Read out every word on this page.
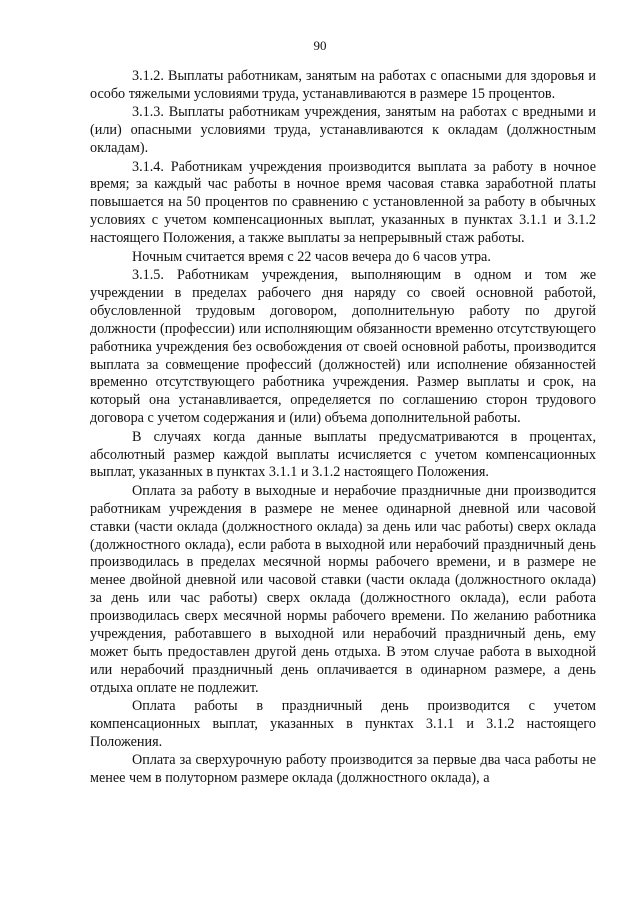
90

3.1.2. Выплаты работникам, занятым на работах с опасными для здоровья и особо тяжелыми условиями труда, устанавливаются в размере 15 процентов.

3.1.3. Выплаты работникам учреждения, занятым на работах с вредными и (или) опасными условиями труда, устанавливаются к окладам (должностным окладам).

3.1.4. Работникам учреждения производится выплата за работу в ночное время; за каждый час работы в ночное время часовая ставка заработной платы повышается на 50 процентов по сравнению с установленной за работу в обычных условиях с учетом компенсационных выплат, указанных в пунктах 3.1.1 и 3.1.2 настоящего Положения, а также выплаты за непрерывный стаж работы.

Ночным считается время с 22 часов вечера до 6 часов утра.

3.1.5. Работникам учреждения, выполняющим в одном и том же учреждении в пределах рабочего дня наряду со своей основной работой, обусловленной трудовым договором, дополнительную работу по другой должности (профессии) или исполняющим обязанности временно отсутствующего работника учреждения без освобождения от своей основной работы, производится выплата за совмещение профессий (должностей) или исполнение обязанностей временно отсутствующего работника учреждения. Размер выплаты и срок, на который она устанавливается, определяется по соглашению сторон трудового договора с учетом содержания и (или) объема дополнительной работы.

В случаях когда данные выплаты предусматриваются в процентах, абсолютный размер каждой выплаты исчисляется с учетом компенсационных выплат, указанных в пунктах 3.1.1 и 3.1.2 настоящего Положения.

Оплата за работу в выходные и нерабочие праздничные дни производится работникам учреждения в размере не менее одинарной дневной или часовой ставки (части оклада (должностного оклада) за день или час работы) сверх оклада (должностного оклада), если работа в выходной или нерабочий праздничный день производилась в пределах месячной нормы рабочего времени, и в размере не менее двойной дневной или часовой ставки (части оклада (должностного оклада) за день или час работы) сверх оклада (должностного оклада), если работа производилась сверх месячной нормы рабочего времени. По желанию работника учреждения, работавшего в выходной или нерабочий праздничный день, ему может быть предоставлен другой день отдыха. В этом случае работа в выходной или нерабочий праздничный день оплачивается в одинарном размере, а день отдыха оплате не подлежит.

Оплата работы в праздничный день производится с учетом компенсационных выплат, указанных в пунктах 3.1.1 и 3.1.2 настоящего Положения.

Оплата за сверхурочную работу производится за первые два часа работы не менее чем в полуторном размере оклада (должностного оклада), а
